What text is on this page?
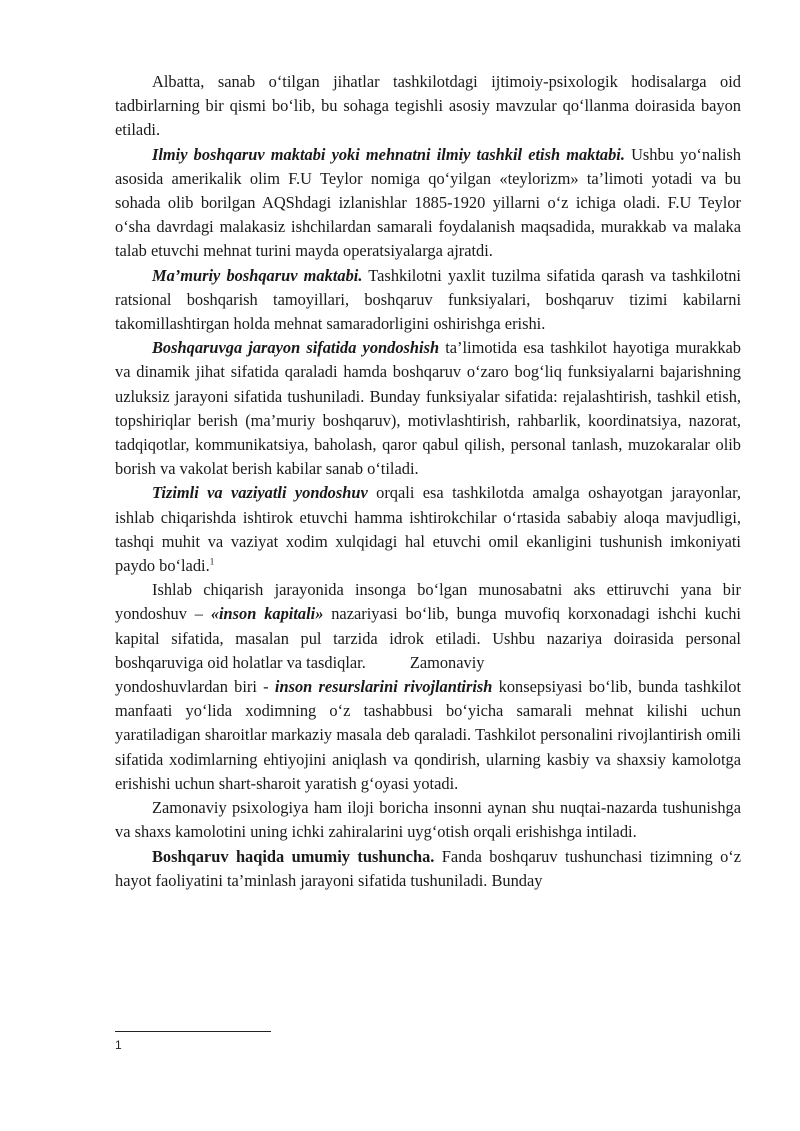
Albatta, sanab o‘tilgan jihatlar tashkilotdagi ijtimoiy-psixologik hodisalarga oid tadbirlarning bir qismi bo‘lib, bu sohaga tegishli asosiy mavzular qo‘llanma doirasida bayon etiladi.

Ilmiy boshqaruv maktabi yoki mehnatni ilmiy tashkil etish maktabi. Ushbu yo‘nalish asosida amerikalik olim F.U Teylor nomiga qo‘yilgan «teylorizm» ta’limoti yotadi va bu sohada olib borilgan AQShdagi izlanishlar 1885-1920 yillarni o‘z ichiga oladi. F.U Teylor o‘sha davrdagi malakasiz ishchilardan samarali foydalanish maqsadida, murakkab va malaka talab etuvchi mehnat turini mayda operatsiyalarga ajratdi.

Ma’muriy boshqaruv maktabi. Tashkilotni yaxlit tuzilma sifatida qarash va tashkilotni ratsional boshqarish tamoyillari, boshqaruv funksiyalari, boshqaruv tizimi kabilarni takomillashtirgan holda mehnat samaradorligini oshirishga erishi.

Boshqaruvga jarayon sifatida yondoshish ta’limotida esa tashkilot hayotiga murakkab va dinamik jihat sifatida qaraladi hamda boshqaruv o‘zaro bog‘liq funksiyalarni bajarishning uzluksiz jarayoni sifatida tushuniladi. Bunday funksiyalar sifatida: rejalashtirish, tashkil etish, topshiriqlar berish (ma’muriy boshqaruv), motivlashtirish, rahbarlik, koordinatsiya, nazorat, tadqiqotlar, kommunikatsiya, baholash, qaror qabul qilish, personal tanlash, muzokaralar olib borish va vakolat berish kabilar sanab o‘tiladi.

Tizimli va vaziyatli yondoshuv orqali esa tashkilotda amalga oshayotgan jarayonlar, ishlab chiqarishda ishtirok etuvchi hamma ishtirokchilar o‘rtasida sababiy aloqa mavjudligi, tashqi muhit va vaziyat xodim xulqidagi hal etuvchi omil ekanligini tushunish imkoniyati paydo bo‘ladi.$^1$

Ishlab chiqarish jarayonida insonga bo‘lgan munosabatni aks ettiruvchi yana bir yondoshuv – «inson kapitali» nazariyasi bo‘lib, bunga muvofiq korxonadagi ishchi kuchi kapital sifatida, masalan pul tarzida idrok etiladi. Ushbu nazariya doirasida personal boshqaruviga oid holatlar va tasdiqlar.	Zamonaviy

yondoshuvlardan biri - inson resurslarini rivojlantirish konsepsiyasi bo‘lib, bunda tashkilot manfaati yo‘lida xodimning o‘z tashabbusi bo‘yicha samarali mehnat kilishi uchun yaratiladigan sharoitlar markaziy masala deb qaraladi. Tashkilot personalini rivojlantirish omili sifatida xodimlarning ehtiyojini aniqlash va qondirish, ularning kasbiy va shaxsiy kamolotga erishishi uchun shart-sharoit yaratish g‘oyasi yotadi.

Zamonaviy psixologiya ham iloji boricha insonni aynan shu nuqtai-nazarda tushunishga va shaxs kamolotini uning ichki zahiralarini uyg‘otish orqali erishishga intiladi.

Boshqaruv haqida umumiy tushuncha. Fanda boshqaruv tushunchasi tizimning o‘z hayot faoliyatini ta’minlash jarayoni sifatida tushuniladi. Bunday

1
